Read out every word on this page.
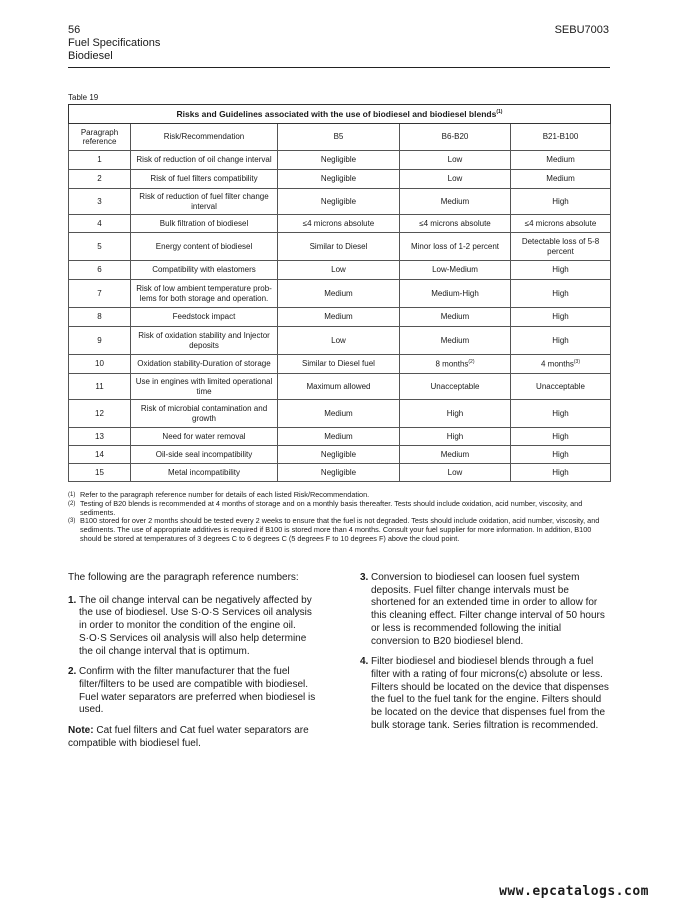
56
Fuel Specifications
Biodiesel
SEBU7003
Table 19
Risks and Guidelines associated with the use of biodiesel and biodiesel blends$^{(1)}$
Paragraph reference	Risk/Recommendation	B5	B6-B20	B21-B100
1	Risk of reduction of oil change interval	Negligible	Low	Medium
2	Risk of fuel filters compatibility	Negligible	Low	Medium
3	Risk of reduction of fuel filter change interval	Negligible	Medium	High
4	Bulk filtration of biodiesel	≤4 microns absolute	≤4 microns absolute	≤4 microns absolute
5	Energy content of biodiesel	Similar to Diesel	Minor loss of 1-2 percent	Detectable loss of 5-8 percent
6	Compatibility with elastomers	Low	Low-Medium	High
7	Risk of low ambient temperature prob- lems for both storage and operation.	Medium	Medium-High	High
8	Feedstock impact	Medium	Medium	High
9	Risk of oxidation stability and Injector deposits	Low	Medium	High
10	Oxidation stability-Duration of storage	Similar to Diesel fuel	8 months$^{(2)}$	4 months$^{(3)}$
11	Use in engines with limited operational time	Maximum allowed	Unacceptable	Unacceptable
12	Risk of microbial contamination and growth	Medium	High	High
13	Need for water removal	Medium	High	High
14	Oil-side seal incompatibility	Negligible	Medium	High
15	Metal incompatibility	Negligible	Low	High
(1) Refer to the paragraph reference number for details of each listed Risk/Recommendation.
(2) Testing of B20 blends is recommended at 4 months of storage and on a monthly basis thereafter. Tests should include oxidation, acid number, viscosity, and sediments.
(3) B100 stored for over 2 months should be tested every 2 weeks to ensure that the fuel is not degraded. Tests should include oxidation, acid number, viscosity, and sediments. The use of appropriate additives is required if B100 is stored more than 4 months. Consult your fuel supplier for more information. In addition, B100 should be stored at temperatures of 3 degrees C to 6 degrees C (5 degrees F to 10 degrees F) above the cloud point.

The following are the paragraph reference numbers:

1. The oil change interval can be negatively affected by the use of biodiesel. Use S·O·S Services oil analysis in order to monitor the condition of the engine oil. S·O·S Services oil analysis will also help determine the oil change interval that is optimum.
2. Confirm with the filter manufacturer that the fuel filter/filters to be used are compatible with biodiesel. Fuel water separators are preferred when biodiesel is used.
Note: Cat fuel filters and Cat fuel water separators are compatible with biodiesel fuel.
3. Conversion to biodiesel can loosen fuel system deposits. Fuel filter change intervals must be shortened for an extended time in order to allow for this cleaning effect. Filter change interval of 50 hours or less is recommended following the initial conversion to B20 biodiesel blend.
4. Filter biodiesel and biodiesel blends through a fuel filter with a rating of four microns(c) absolute or less. Filters should be located on the device that dispenses the fuel to the fuel tank for the engine. Filters should be located on the device that dispenses fuel from the bulk storage tank. Series filtration is recommended.
www.epcatalogs.com
